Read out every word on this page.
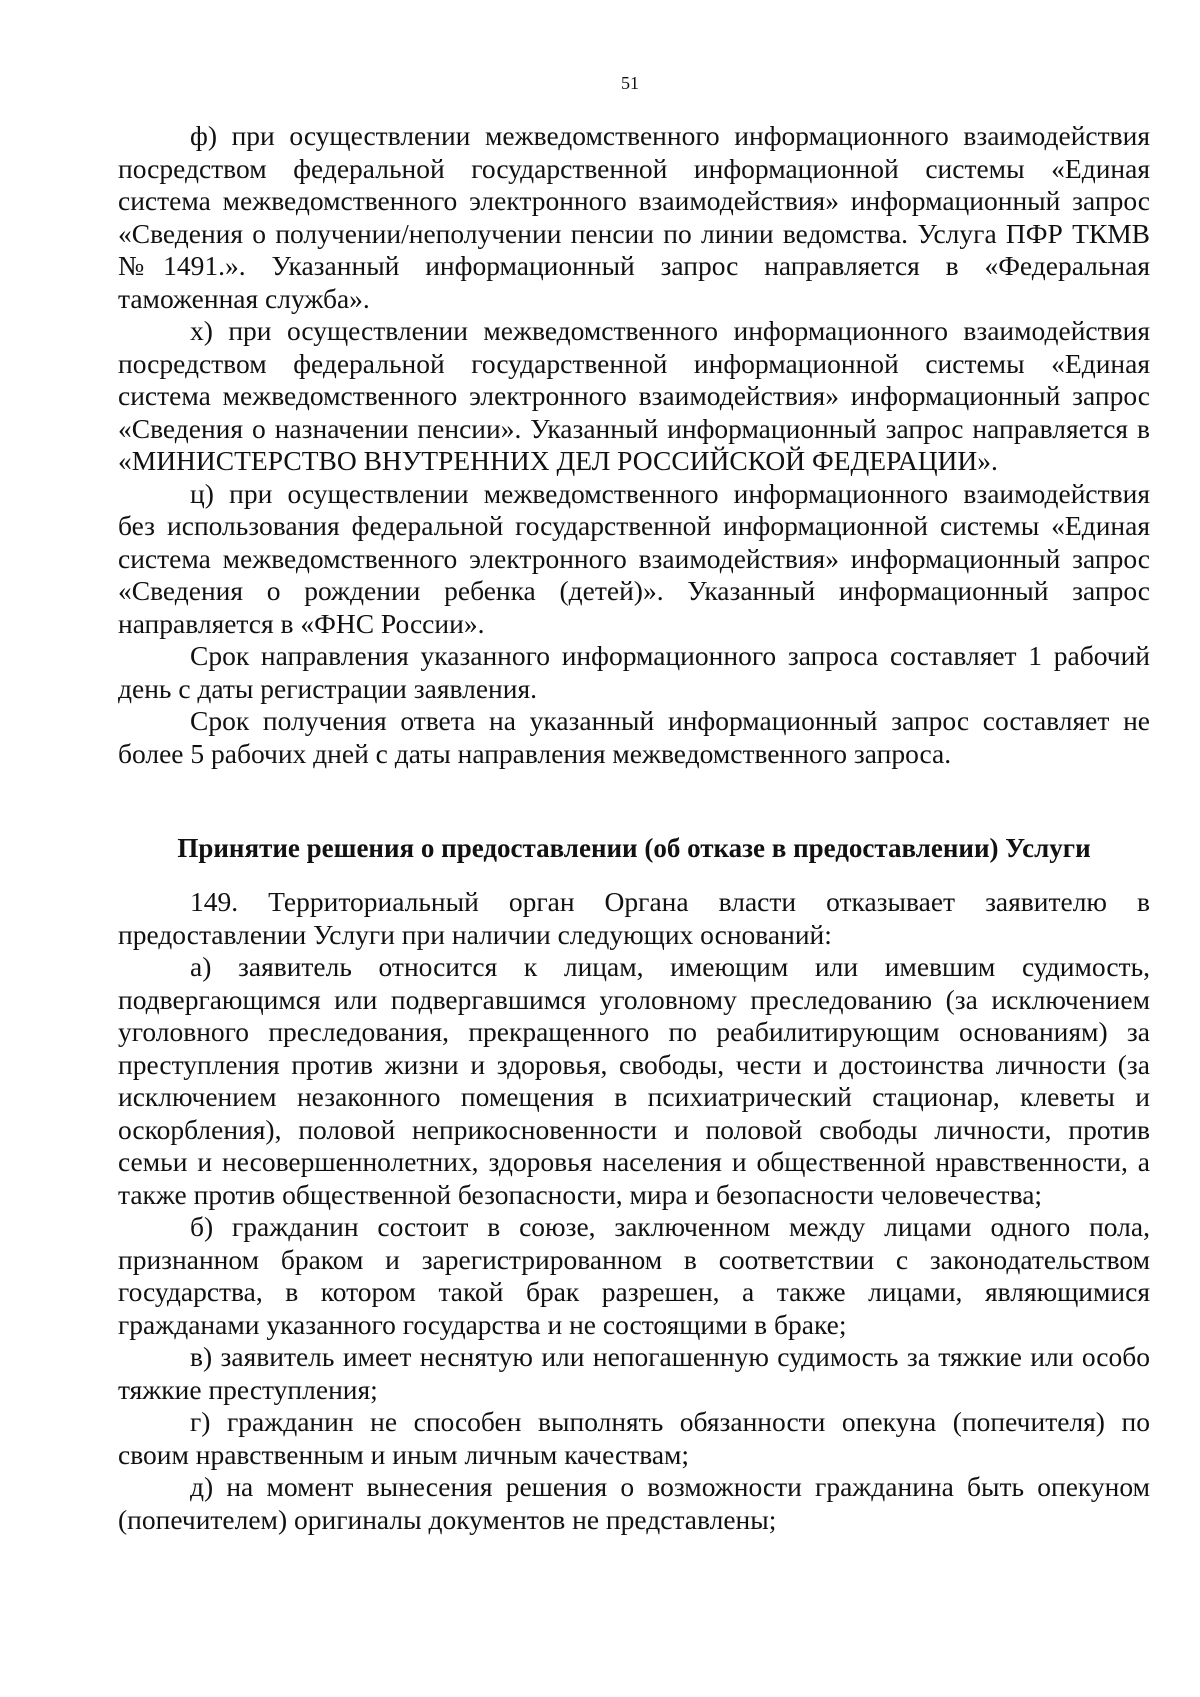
51

ф) при осуществлении межведомственного информационного взаимодействия посредством федеральной государственной информационной системы «Единая система межведомственного электронного взаимодействия» информационный запрос «Сведения о получении/неполучении пенсии по линии ведомства. Услуга ПФР ТКМВ №1491.». Указанный информационный запрос направляется в «Федеральная таможенная служба».

х) при осуществлении межведомственного информационного взаимодействия посредством федеральной государственной информационной системы «Единая система межведомственного электронного взаимодействия» информационный запрос «Сведения о назначении пенсии». Указанный информационный запрос направляется в «МИНИСТЕРСТВО ВНУТРЕННИХ ДЕЛ РОССИЙСКОЙ ФЕДЕРАЦИИ».

ц) при осуществлении межведомственного информационного взаимодействия без использования федеральной государственной информационной системы «Единая система межведомственного электронного взаимодействия» информационный запрос «Сведения о рождении ребенка (детей)». Указанный информационный запрос направляется в «ФНС России».

Срок направления указанного информационного запроса составляет 1 рабочий день с даты регистрации заявления.

Срок получения ответа на указанный информационный запрос составляет не более 5 рабочих дней с даты направления межведомственного запроса.

Принятие решения о предоставлении (об отказе в предоставлении) Услуги

149. Территориальный орган Органа власти отказывает заявителю в предоставлении Услуги при наличии следующих оснований:

а) заявитель относится к лицам, имеющим или имевшим судимость, подвергающимся или подвергавшимся уголовному преследованию (за исключением уголовного преследования, прекращенного по реабилитирующим основаниям) за преступления против жизни и здоровья, свободы, чести и достоинства личности (за исключением незаконного помещения в психиатрический стационар, клеветы и оскорбления), половой неприкосновенности и половой свободы личности, против семьи и несовершеннолетних, здоровья населения и общественной нравственности, а также против общественной безопасности, мира и безопасности человечества;

б) гражданин состоит в союзе, заключенном между лицами одного пола, признанном браком и зарегистрированном в соответствии с законодательством государства, в котором такой брак разрешен, а также лицами, являющимися гражданами указанного государства и не состоящими в браке;

в) заявитель имеет неснятую или непогашенную судимость за тяжкие или особо тяжкие преступления;

г) гражданин не способен выполнять обязанности опекуна (попечителя) по своим нравственным и иным личным качествам;

д) на момент вынесения решения о возможности гражданина быть опекуном (попечителем) оригиналы документов не представлены;
